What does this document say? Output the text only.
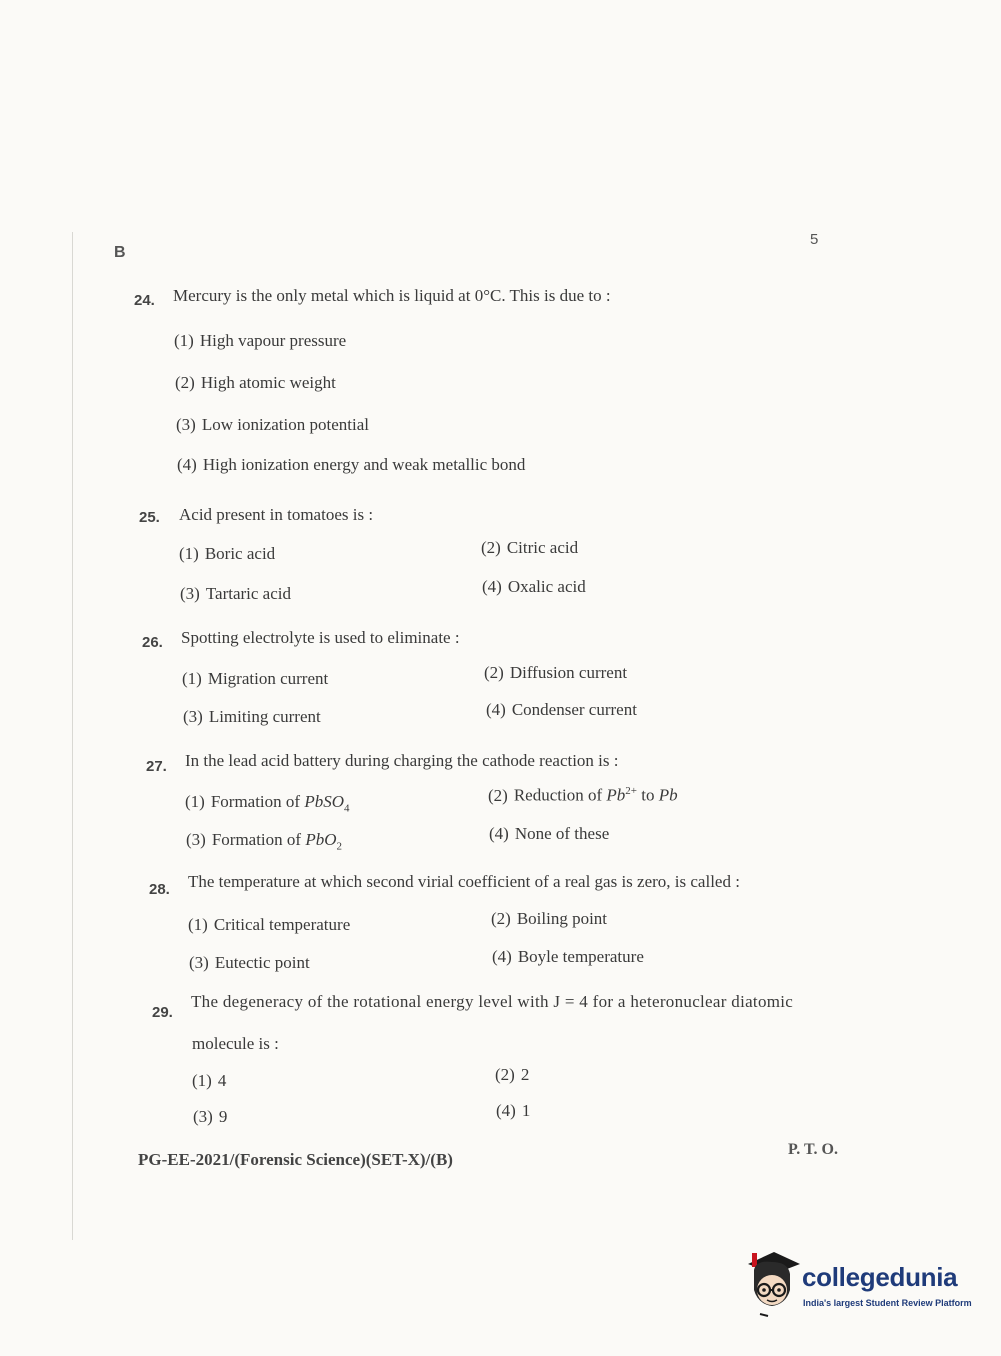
B
5
24. Mercury is the only metal which is liquid at 0°C. This is due to :
(1) High vapour pressure
(2) High atomic weight
(3) Low ionization potential
(4) High ionization energy and weak metallic bond
25. Acid present in tomatoes is :
(1) Boric acid	(2) Citric acid
(3) Tartaric acid	(4) Oxalic acid
26. Spotting electrolyte is used to eliminate :
(1) Migration current	(2) Diffusion current
(3) Limiting current	(4) Condenser current
27. In the lead acid battery during charging the cathode reaction is :
(1) Formation of PbSO$_4$
(2) Reduction of $Pb^{2+}$ to Pb
(3) Formation of PbO$_2$
(4) None of these
28. The temperature at which second virial coefficient of a real gas is zero, is called :
(1) Critical temperature	(2) Boiling point
(3) Eutectic point	(4) Boyle temperature
29.
The degeneracy of the rotational energy level with J = 4 for a heteronuclear diatomic
molecule is :
(1) 4	(2) 2
(3) 9	(4) 1
PG-EE-2021/(Forensic Science)(SET-X)/(B)
P. T. O.
collegedunia
India's largest Student Review Platform
